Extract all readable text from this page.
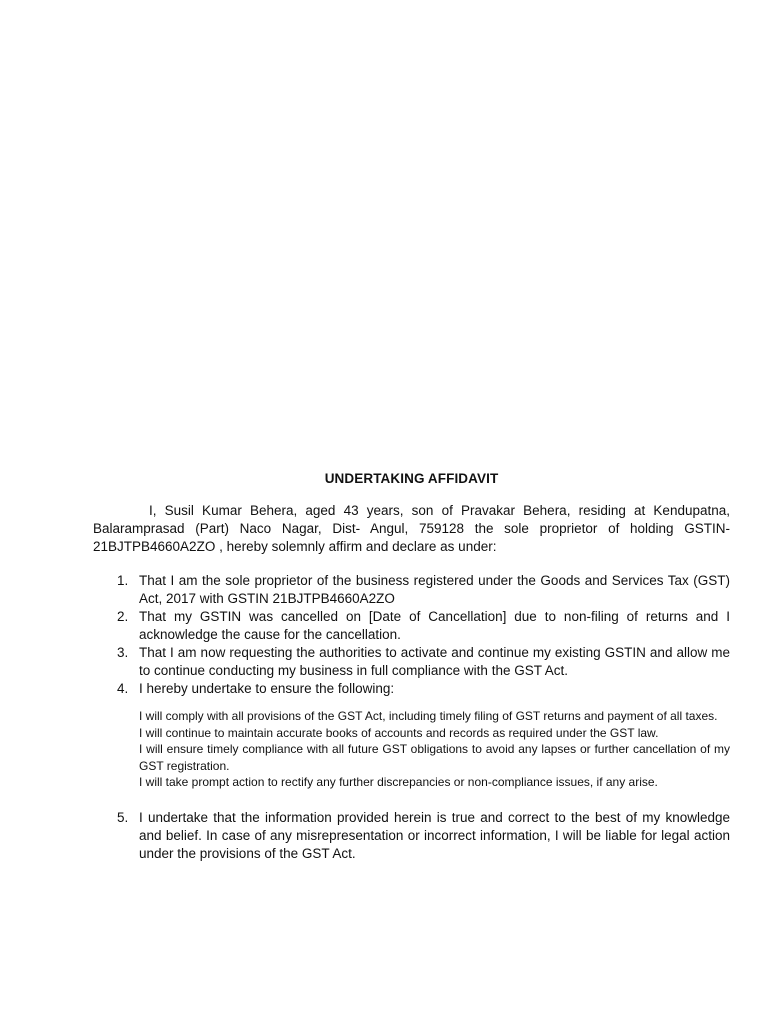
UNDERTAKING AFFIDAVIT

I, Susil Kumar Behera, aged 43 years, son of Pravakar Behera, residing at Kendupatna, Balaramprasad (Part) Naco Nagar, Dist- Angul, 759128 the sole proprietor of holding GSTIN-21BJTPB4660A2ZO , hereby solemnly affirm and declare as under:

1. That I am the sole proprietor of the business registered under the Goods and Services Tax (GST) Act, 2017 with GSTIN 21BJTPB4660A2ZO
2. That my GSTIN was cancelled on [Date of Cancellation] due to non-filing of returns and I acknowledge the cause for the cancellation.
3. That I am now requesting the authorities to activate and continue my existing GSTIN and allow me to continue conducting my business in full compliance with the GST Act.
4. I hereby undertake to ensure the following:

I will comply with all provisions of the GST Act, including timely filing of GST returns and payment of all taxes.

I will continue to maintain accurate books of accounts and records as required under the GST law.

I will ensure timely compliance with all future GST obligations to avoid any lapses or further cancellation of my GST registration.

I will take prompt action to rectify any further discrepancies or non-compliance issues, if any arise.

5. I undertake that the information provided herein is true and correct to the best of my knowledge and belief. In case of any misrepresentation or incorrect information, I will be liable for legal action under the provisions of the GST Act.
